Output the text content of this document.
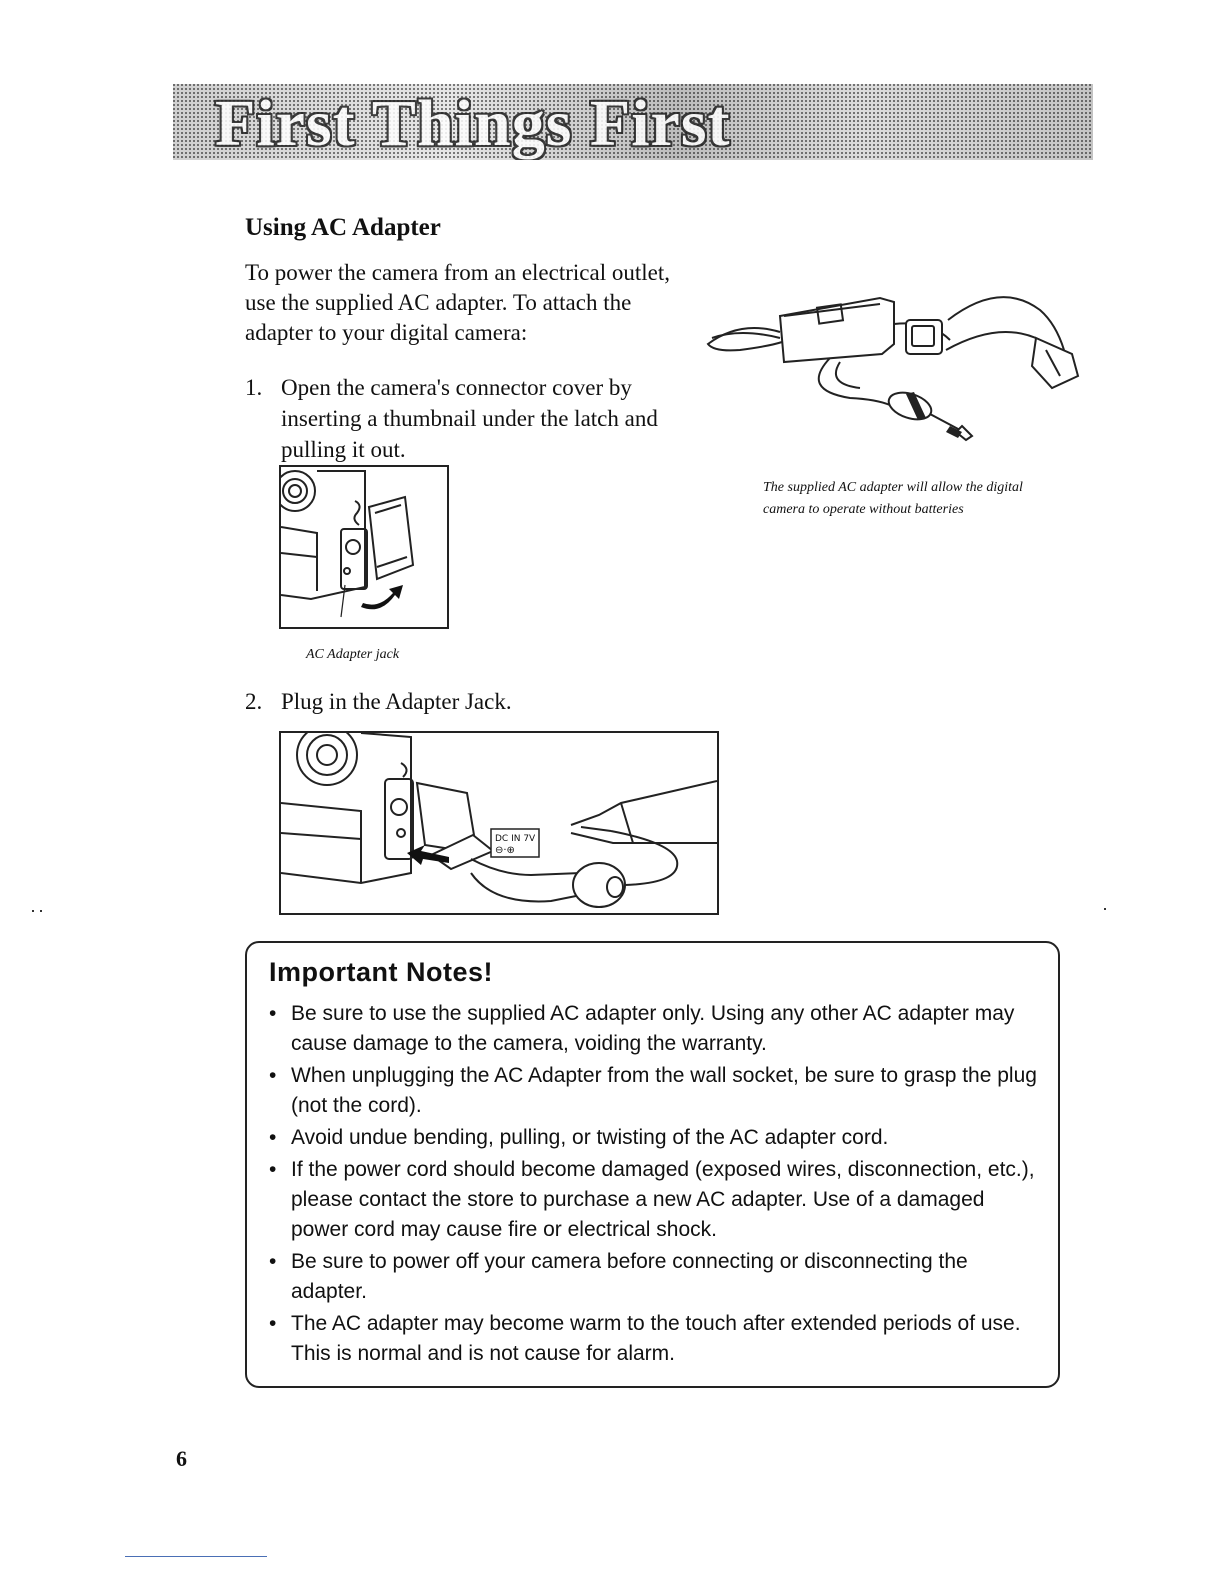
First Things First
Using AC Adapter
To power the camera from an electrical outlet, use the supplied AC adapter. To attach the adapter to your digital camera:
1. Open the camera's connector cover by inserting a thumbnail under the latch and pulling it out.
AC Adapter jack
2. Plug in the Adapter Jack.
DC IN 7V
⊖·⊕
The supplied AC adapter will allow the digital camera to operate without batteries
Important Notes!
• Be sure to use the supplied AC adapter only. Using any other AC adapter may cause damage to the camera, voiding the warranty.
• When unplugging the AC Adapter from the wall socket, be sure to grasp the plug (not the cord).
• Avoid undue bending, pulling, or twisting of the AC adapter cord.
• If the power cord should become damaged (exposed wires, disconnection, etc.), please contact the store to purchase a new AC adapter. Use of a damaged power cord may cause fire or electrical shock.
• Be sure to power off your camera before connecting or disconnecting the adapter.
• The AC adapter may become warm to the touch after extended periods of use. This is normal and is not cause for alarm.
6
